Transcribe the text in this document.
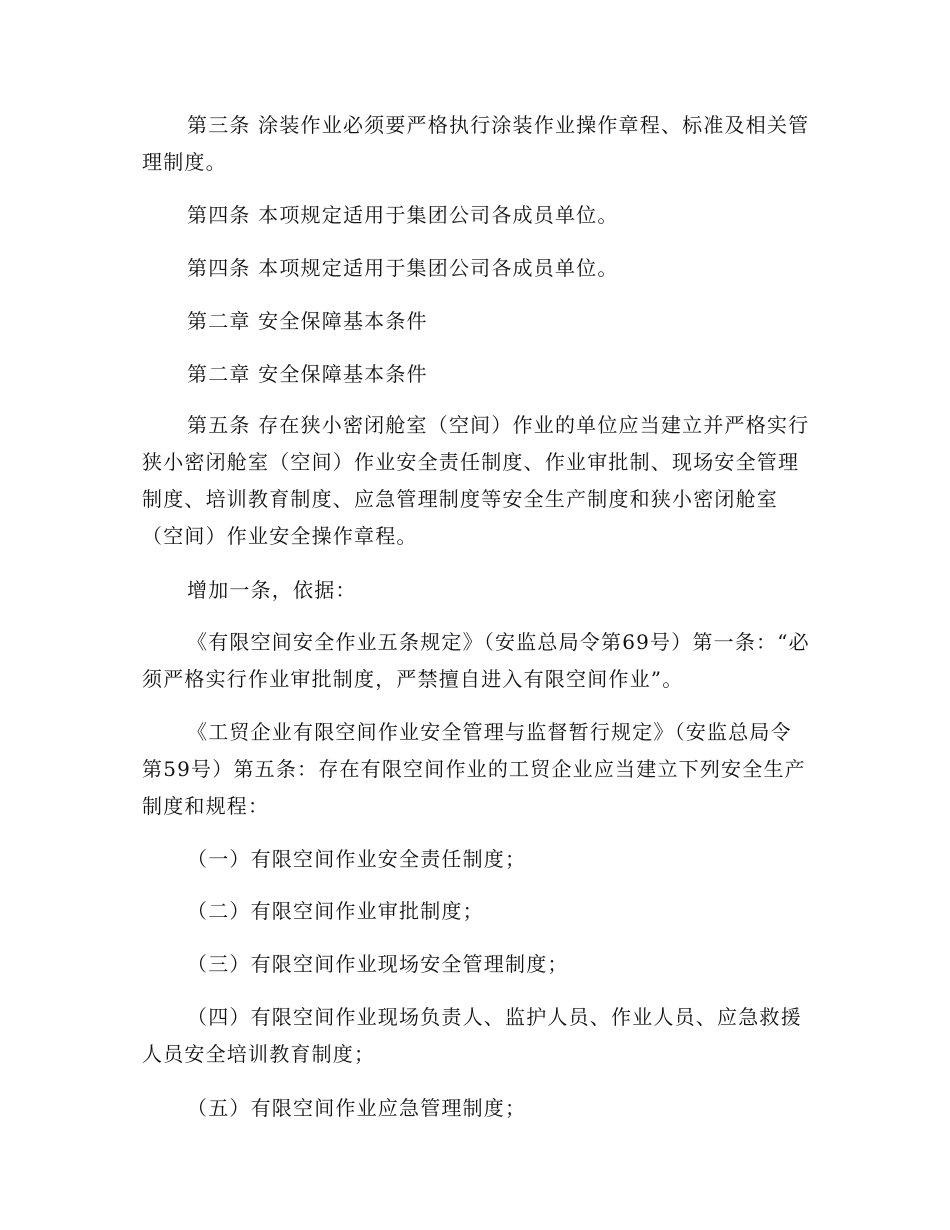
第三条 涂装作业必须要严格执行涂装作业操作章程、标准及相关管理制度。

第四条 本项规定适用于集团公司各成员单位。

第四条 本项规定适用于集团公司各成员单位。

第二章 安全保障基本条件

第二章 安全保障基本条件

第五条 存在狭小密闭舱室（空间）作业的单位应当建立并严格实行狭小密闭舱室（空间）作业安全责任制度、作业审批制、现场安全管理制度、培训教育制度、应急管理制度等安全生产制度和狭小密闭舱室（空间）作业安全操作章程。

增加一条，依据：

《有限空间安全作业五条规定》（安监总局令第69号）第一条：“必须严格实行作业审批制度，严禁擅自进入有限空间作业”。

《工贸企业有限空间作业安全管理与监督暂行规定》（安监总局令第59号）第五条：存在有限空间作业的工贸企业应当建立下列安全生产制度和规程：

（一）有限空间作业安全责任制度；

（二）有限空间作业审批制度；

（三）有限空间作业现场安全管理制度；

（四）有限空间作业现场负责人、监护人员、作业人员、应急救援人员安全培训教育制度；

（五）有限空间作业应急管理制度；
